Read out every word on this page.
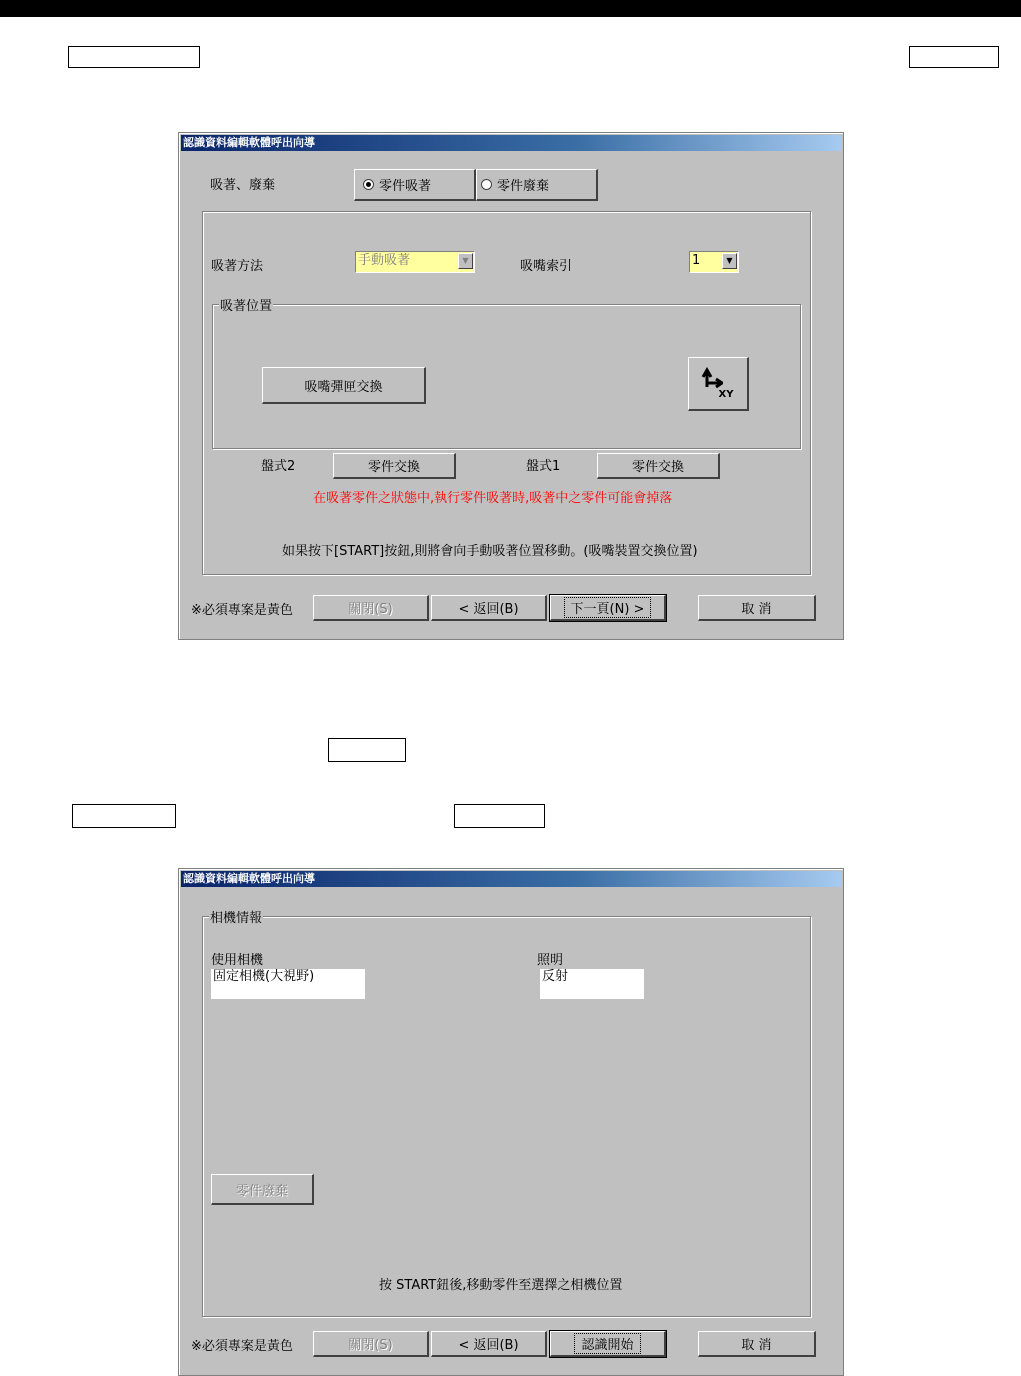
認識資料編輯軟體呼出向導
吸著、廢棄	零件吸著	零件廢棄
吸著方法	手動吸著	▼	吸嘴索引	1	▼
吸著位置
吸嘴彈匣交換	XY
盤式2	零件交換	盤式1	零件交換
在吸著零件之狀態中,執行零件吸著時,吸著中之零件可能會掉落
如果按下[START]按鈕,則將會向手動吸著位置移動。(吸嘴裝置交換位置)
※必須專案是黃色	關閉(S)	< 返回(B)	下一頁(N) >	取 消
認識資料編輯軟體呼出向導
相機情報
使用相機
固定相機(大視野)
照明
反射
零件廢棄
按 START鈕後,移動零件至選擇之相機位置
※必須專案是黃色	關閉(S)	< 返回(B)	認識開始	取 消
